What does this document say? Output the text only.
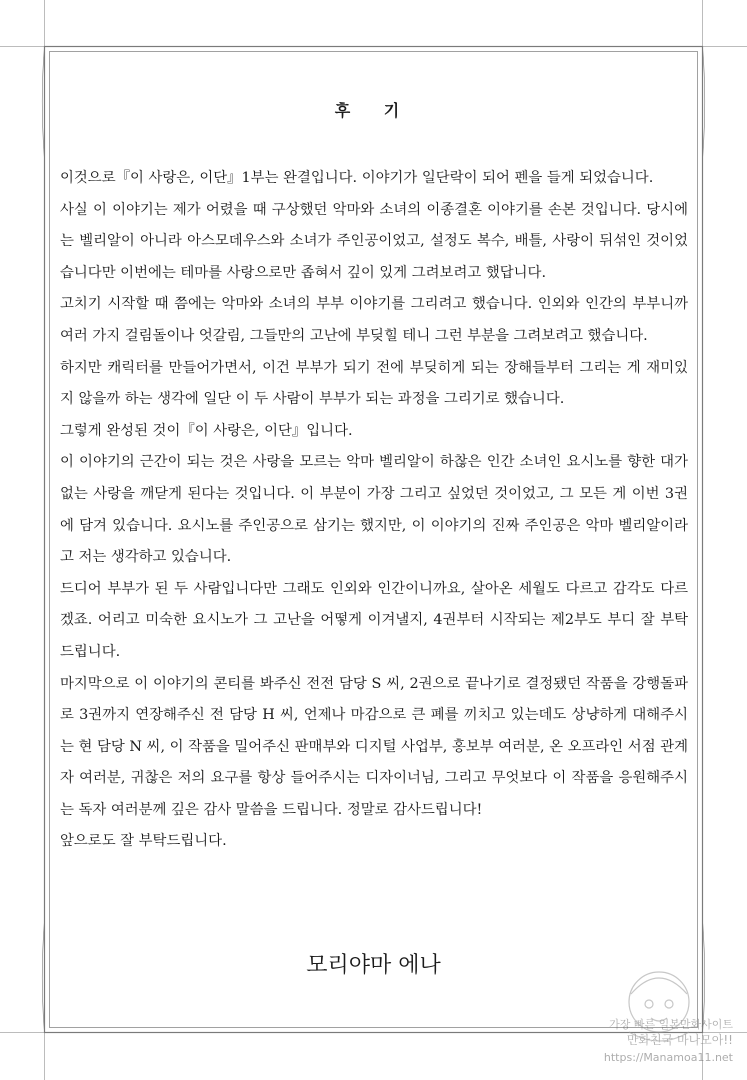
후 기

이것으로『이 사랑은, 이단』1부는 완결입니다. 이야기가 일단락이 되어 펜을 들게 되었습니다.

사실 이 이야기는 제가 어렸을 때 구상했던 악마와 소녀의 이종결혼 이야기를 손본 것입니다. 당시에는 벨리알이 아니라 아스모데우스와 소녀가 주인공이었고, 설정도 복수, 배틀, 사랑이 뒤섞인 것이었습니다만 이번에는 테마를 사랑으로만 좁혀서 깊이 있게 그려보려고 했답니다.

고치기 시작할 때 쯤에는 악마와 소녀의 부부 이야기를 그리려고 했습니다. 인외와 인간의 부부니까 여러 가지 걸림돌이나 엇갈림, 그들만의 고난에 부딪힐 테니 그런 부분을 그려보려고 했습니다.

하지만 캐릭터를 만들어가면서, 이건 부부가 되기 전에 부딪히게 되는 장해들부터 그리는 게 재미있지 않을까 하는 생각에 일단 이 두 사람이 부부가 되는 과정을 그리기로 했습니다.

그렇게 완성된 것이『이 사랑은, 이단』입니다.

이 이야기의 근간이 되는 것은 사랑을 모르는 악마 벨리알이 하찮은 인간 소녀인 요시노를 향한 대가 없는 사랑을 깨닫게 된다는 것입니다. 이 부분이 가장 그리고 싶었던 것이었고, 그 모든 게 이번 3권에 담겨 있습니다. 요시노를 주인공으로 삼기는 했지만, 이 이야기의 진짜 주인공은 악마 벨리알이라고 저는 생각하고 있습니다.

드디어 부부가 된 두 사람입니다만 그래도 인외와 인간이니까요, 살아온 세월도 다르고 감각도 다르겠죠. 어리고 미숙한 요시노가 그 고난을 어떻게 이겨낼지, 4권부터 시작되는 제2부도 부디 잘 부탁드립니다.

마지막으로 이 이야기의 콘티를 봐주신 전전 담당 S 씨, 2권으로 끝나기로 결정됐던 작품을 강행돌파로 3권까지 연장해주신 전 담당 H 씨, 언제나 마감으로 큰 폐를 끼치고 있는데도 상냥하게 대해주시는 현 담당 N 씨, 이 작품을 밀어주신 판매부와 디지털 사업부, 홍보부 여러분, 온 오프라인 서점 관계자 여러분, 귀찮은 저의 요구를 항상 들어주시는 디자이너님, 그리고 무엇보다 이 작품을 응원해주시는 독자 여러분께 깊은 감사 말씀을 드립니다. 정말로 감사드립니다!

앞으로도 잘 부탁드립니다.

모리야마 에나
가장 빠른 일본만화사이트
만화친국 마나모아!!
https://Manamoa11.net
